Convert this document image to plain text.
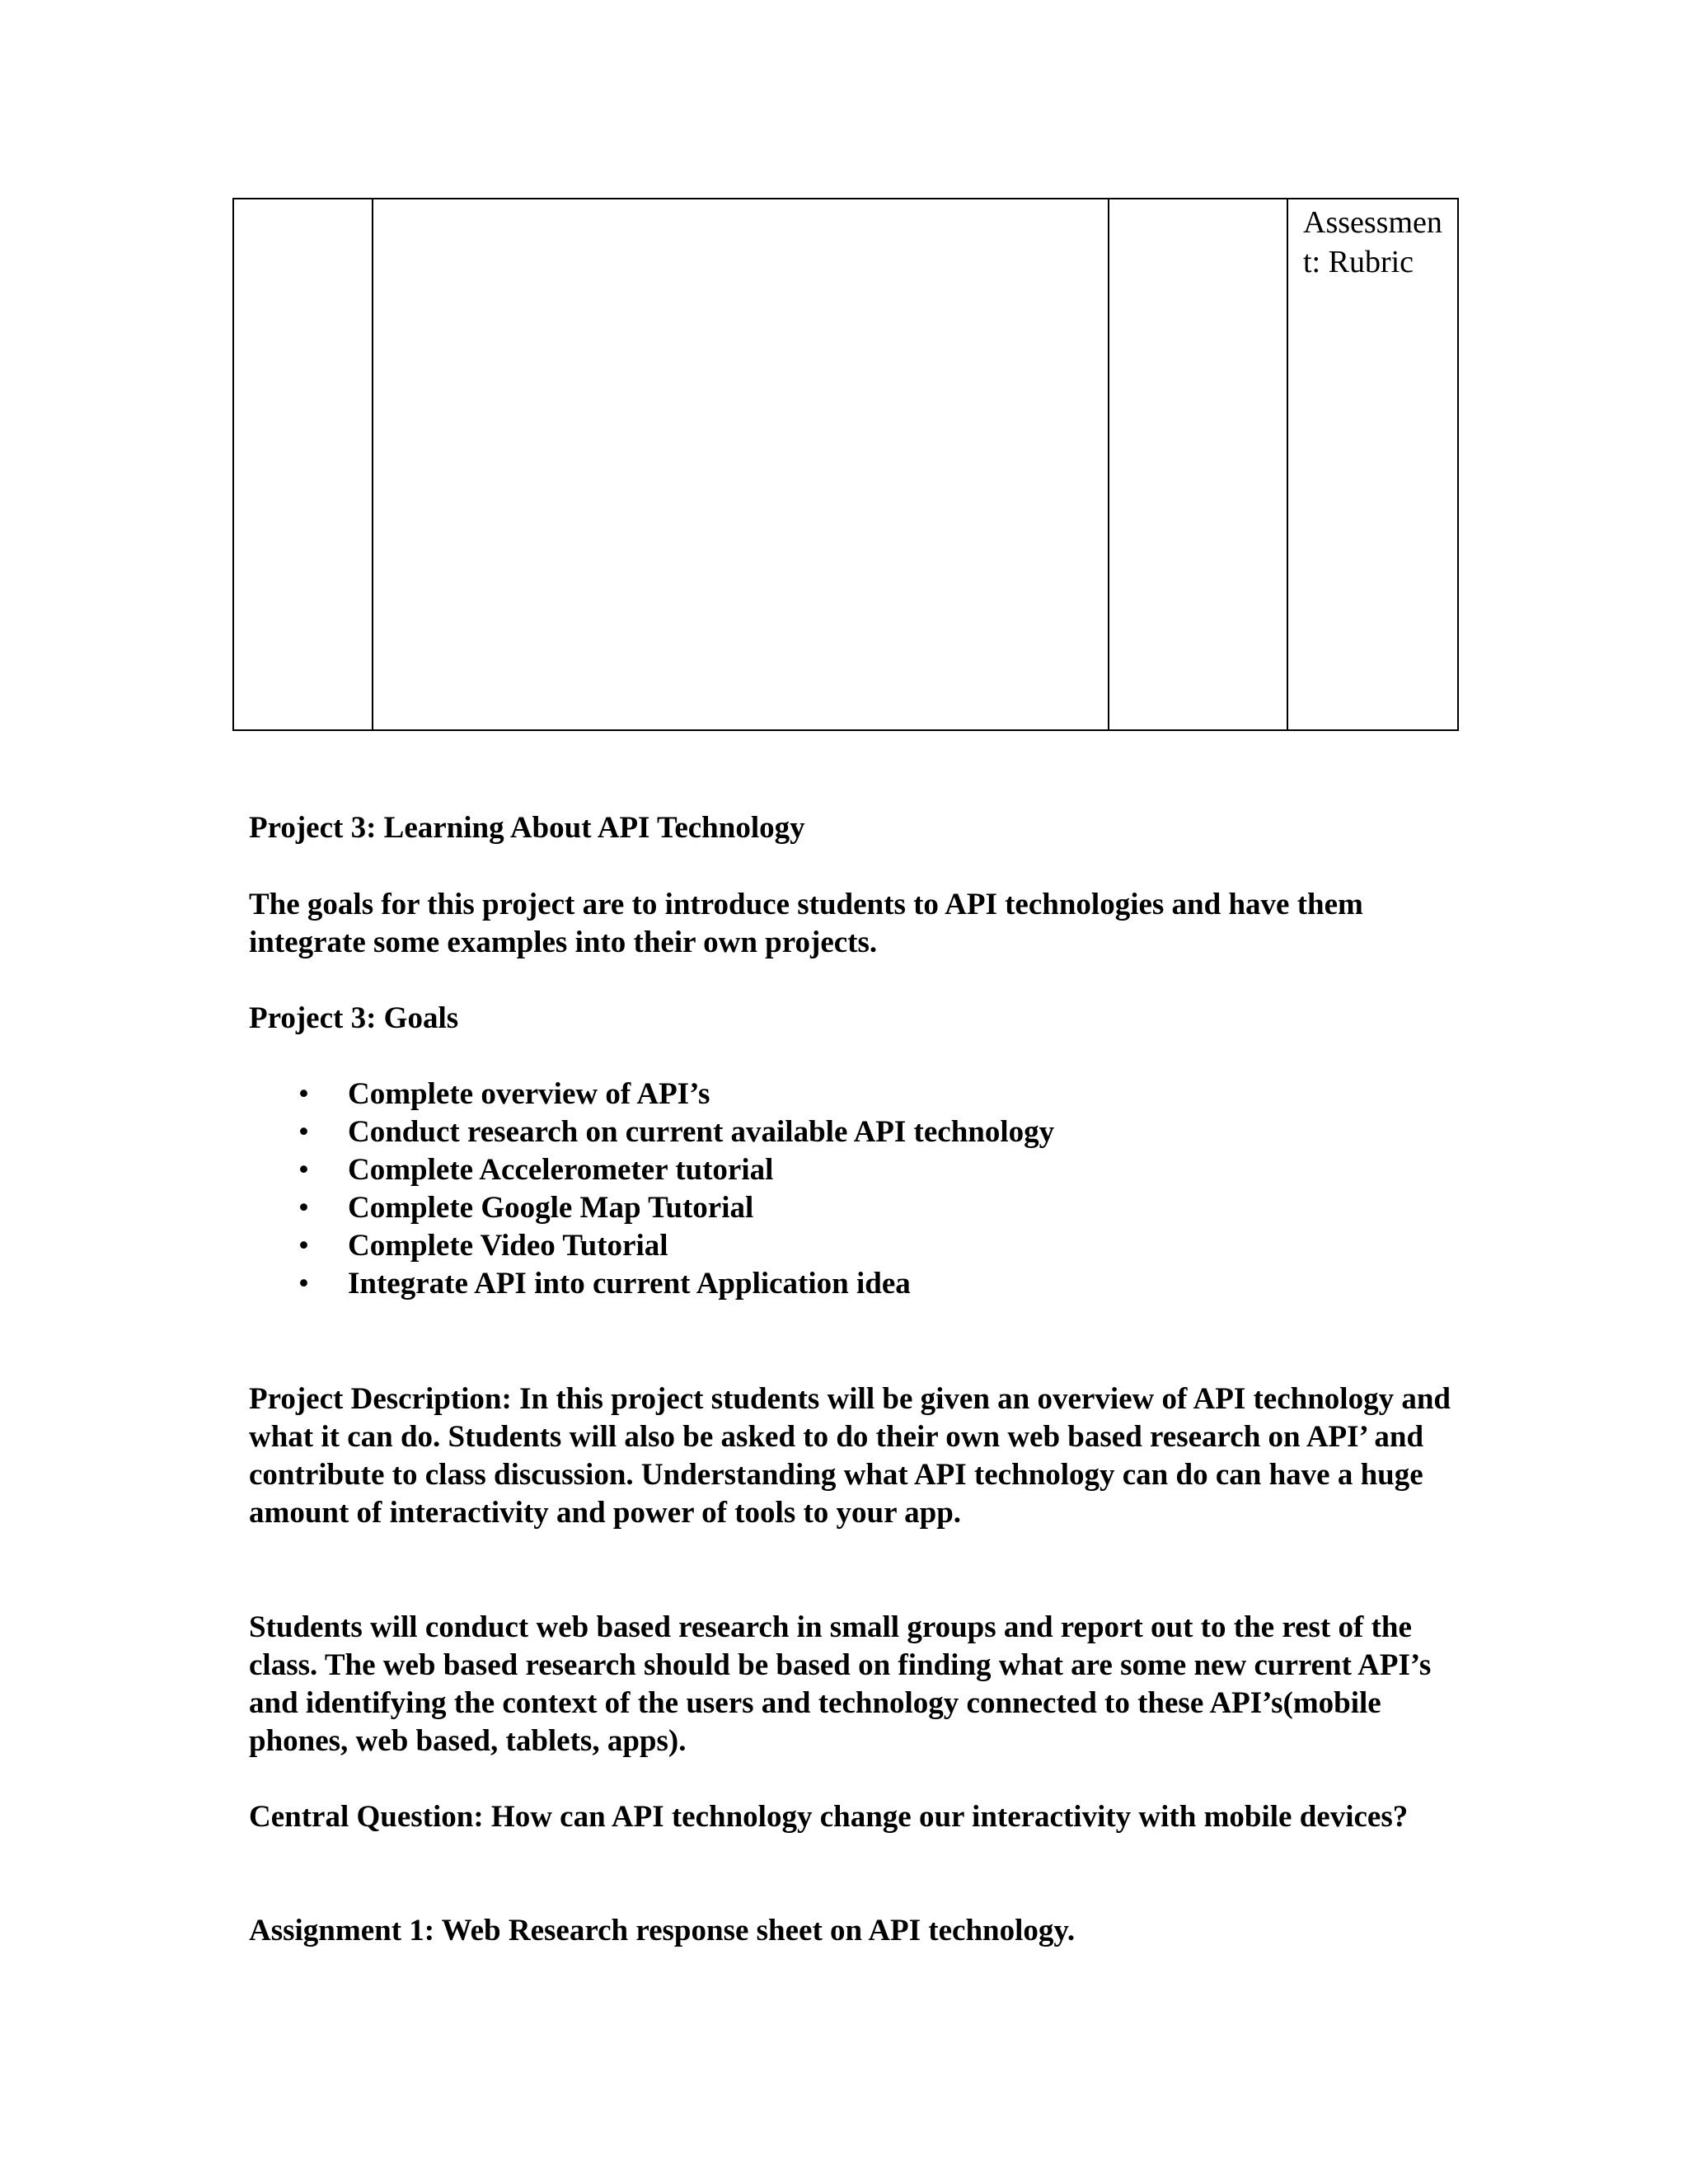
Assessment: Rubric

Project 3: Learning About API Technology

The goals for this project are to introduce students to API technologies and have them integrate some examples into their own projects.

Project 3: Goals

• Complete overview of API’s
• Conduct research on current available API technology
• Complete Accelerometer tutorial
• Complete Google Map Tutorial
• Complete Video Tutorial
• Integrate API into current Application idea

Project Description: In this project students will be given an overview of API technology and what it can do. Students will also be asked to do their own web based research on API’ and contribute to class discussion. Understanding what API technology can do can have a huge amount of interactivity and power of tools to your app.

Students will conduct web based research in small groups and report out to the rest of the class. The web based research should be based on finding what are some new current API’s and identifying the context of the users and technology connected to these API’s(mobile phones, web based, tablets, apps).

Central Question: How can API technology change our interactivity with mobile devices?

Assignment 1: Web Research response sheet on API technology.
